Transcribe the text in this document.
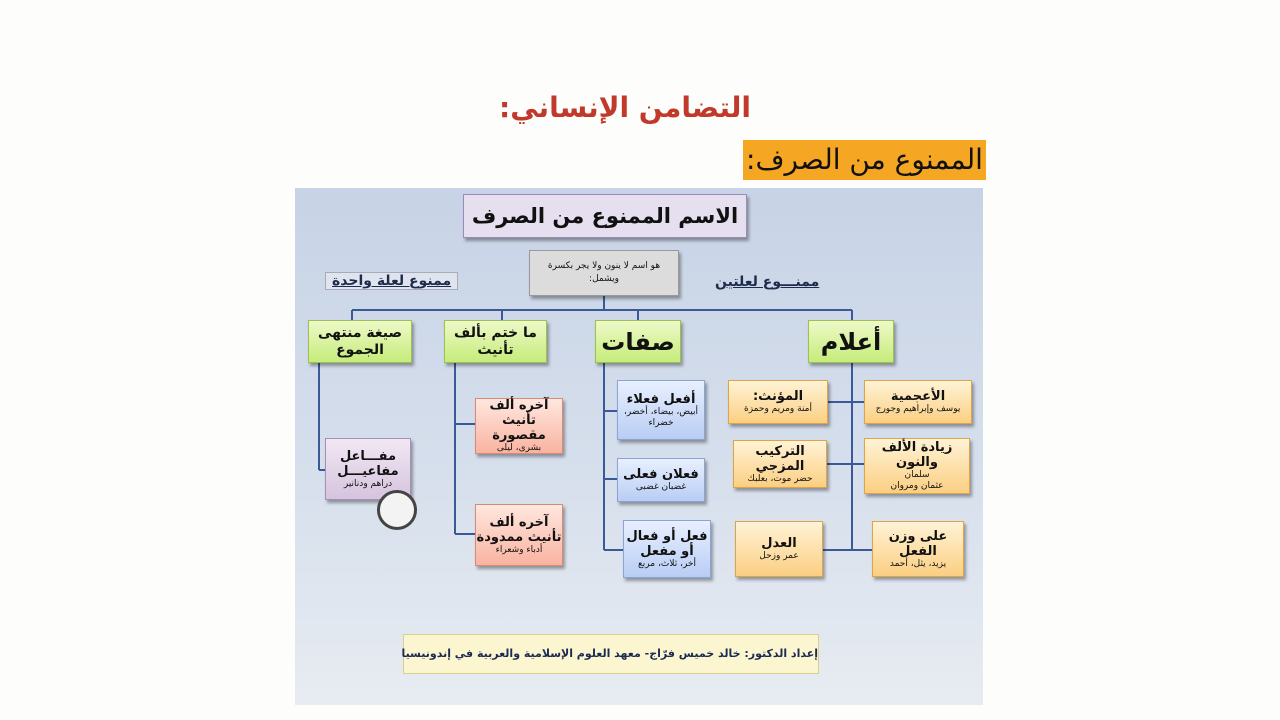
التضامن الإنساني:
الممنوع من الصرف:
الاسم الممنوع من الصرف
هو اسم لا ينون ولا يجر بكسرة ويشمل:
ممنوع لعلة واحدة	ممنـــوع لعلتين
أعلام
صفات
ما ختم بألف تأنيث
صيغة منتهى الجموع
الأعجمية
يوسف وإبراهيم وجورج
المؤنث:
أمنة ومريم وحمزة
زيادة الألف والنون
سلمان
عثمان ومروان
التركيب المزجي
حضر موت، بعلبك
على وزن الفعل
يزيد، يثل، أحمد
العدل
عمر وزحل
أفعل فعلاء
أبيض، بيضاء، أخضر، خضراء
فعلان فعلى
غضبان غضبى
فعل أو فعال أو مفعل
أخر، ثلاث، مربع
آخره ألف تأنيث مقصورة
بشرى، ليلى
آخره ألف تأنيث ممدودة
أدباء وشعراء
مفـــاعل
مفاعيـــل
دراهم ودنانير
إعداد الدكتور: خالد خميس فرّاج- معهد العلوم الإسلامية والعربية في إندونيسيا
